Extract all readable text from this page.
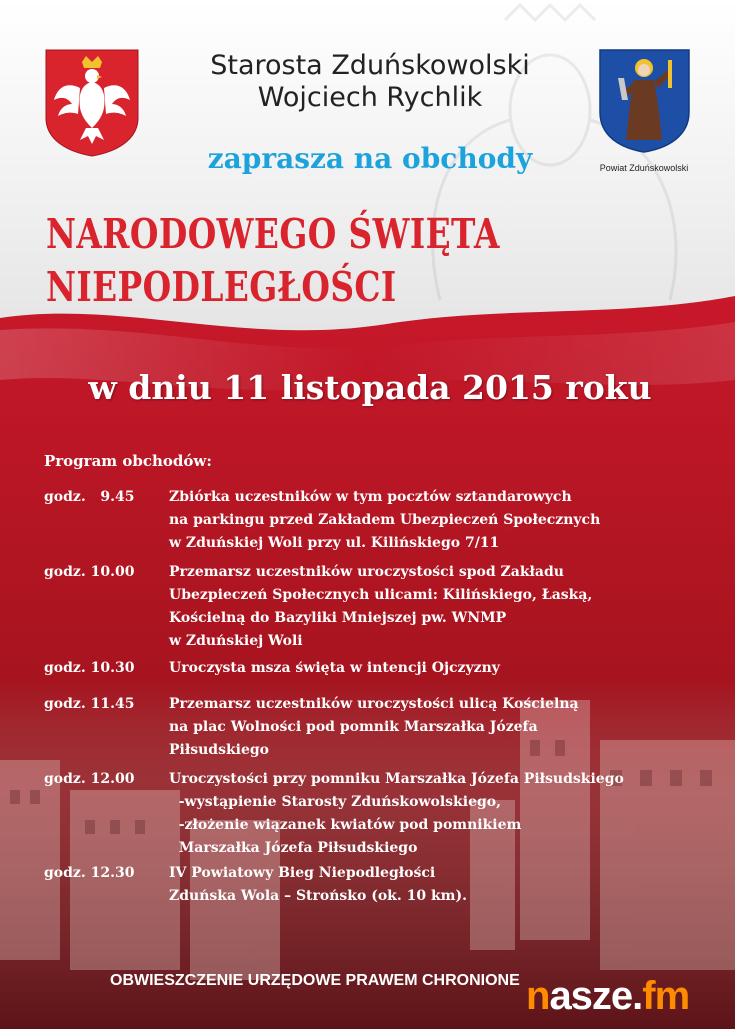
Powiat Zduńskowolski
Starosta Zduńskowolski
Wojciech Rychlik
zaprasza na obchody
NARODOWEGO ŚWIĘTA
NIEPODLEGŁOŚCI
w dniu 11 listopada 2015 roku
Program obchodów:
godz.   9.45 Zbiórka uczestników w tym pocztów sztandarowych
na parkingu przed Zakładem Ubezpieczeń Społecznych
w Zduńskiej Woli przy ul. Kilińskiego 7/11
godz. 10.00 Przemarsz uczestników uroczystości spod Zakładu
Ubezpieczeń Społecznych ulicami: Kilińskiego, Łaską,
Kościelną do Bazyliki Mniejszej pw. WNMP
w Zduńskiej Woli
godz. 10.30 Uroczysta msza święta w intencji Ojczyzny
godz. 11.45 Przemarsz uczestników uroczystości ulicą Kościelną
na plac Wolności pod pomnik Marszałka Józefa
Piłsudskiego
godz. 12.00 Uroczystości przy pomniku Marszałka Józefa Piłsudskiego
-wystąpienie Starosty Zduńskowolskiego,
-złożenie wiązanek kwiatów pod pomnikiem
Marszałka Józefa Piłsudskiego
godz. 12.30 IV Powiatowy Bieg Niepodległości
Zduńska Wola – Strońsko (ok. 10 km).
OBWIESZCZENIE URZĘDOWE PRAWEM CHRONIONE nasze.fm
